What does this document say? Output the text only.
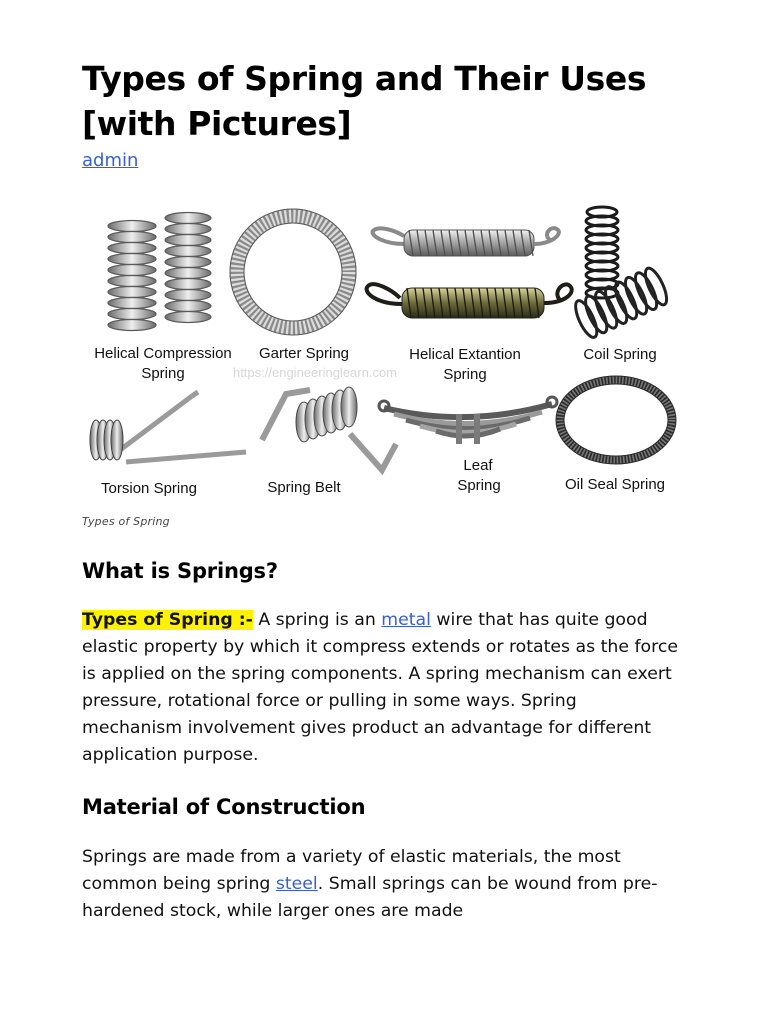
Types of Spring and Their Uses
[with Pictures]
admin
Helical Compression
Spring
Garter Spring	Helical Extantion
Spring
Coil Spring
https://engineeringlearn.com
Torsion Spring	Spring Belt
Leaf
Spring	Oil Seal Spring
Types of Spring
What is Springs?

Types of Spring :- A spring is an metal wire that has quite good elastic property by which it compress extends or rotates as the force is applied on the spring components. A spring mechanism can exert pressure, rotational force or pulling in some ways. Spring mechanism involvement gives product an advantage for different application purpose.

Material of Construction

Springs are made from a variety of elastic materials, the most common being spring steel. Small springs can be wound from pre-hardened stock, while larger ones are made
